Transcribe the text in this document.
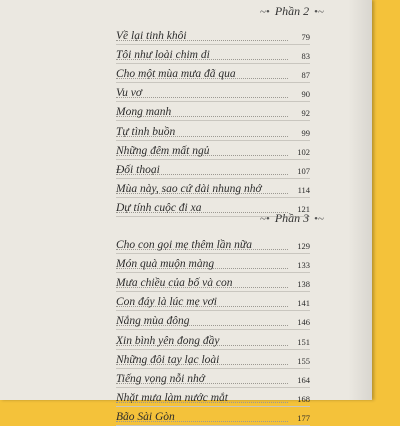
~• Phần 2 •~
Về lại tinh khôi	79
Tôi như loài chim di	83
Cho một mùa mưa đã qua	87
Vu vơ	90
Mong manh	92
Tự tình buồn	99
Những đêm mất ngủ	102
Đối thoại	107
Mùa này, sao cứ dài nhung nhớ	114
Dự tính cuộc đi xa	121
~• Phần 3 •~
Cho con gọi mẹ thêm lần nữa	129
Món quà muộn màng	133
Mưa chiều của bố và con	138
Con đáy là lúc mẹ vơi	141
Nắng mùa đông	146
Xin bình yên đong đầy	151
Những đôi tay lạc loài	155
Tiếng vọng nỗi nhớ	164
Nhặt mưa làm nước mắt	168
Bão Sài Gòn	177
